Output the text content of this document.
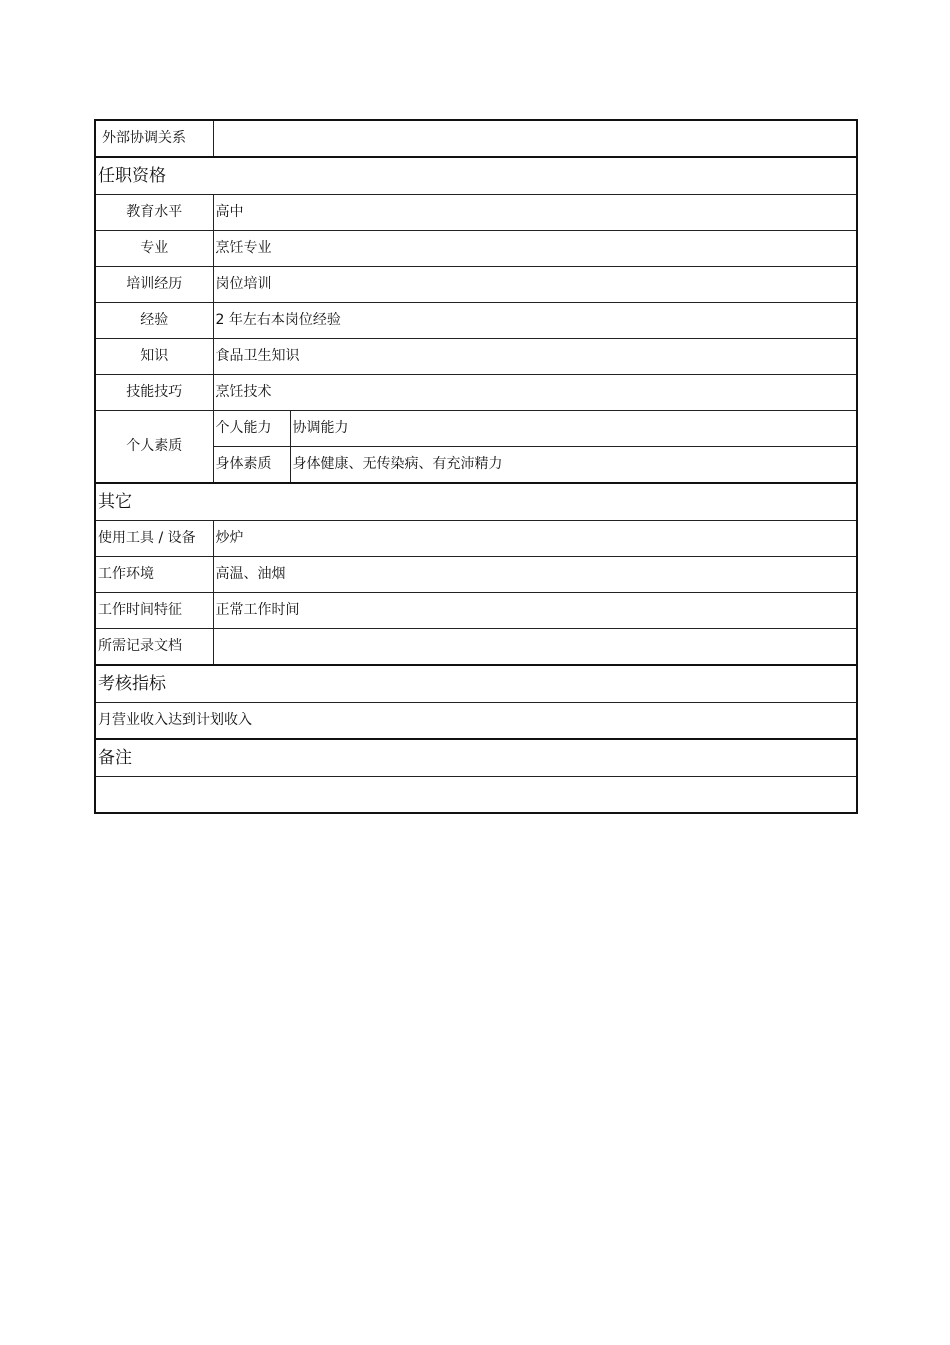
外部协调关系		
任职资格		
教育水平	高中	
专业	烹饪专业	
培训经历	岗位培训	
经验	2 年左右本岗位经验	
知识	食品卫生知识	
技能技巧	烹饪技术	
个人素质	个人能力	协调能力
	身体素质	身体健康、无传染病、有充沛精力
其它		
使用工具 / 设备	炒炉	
工作环境	高温、油烟	
工作时间特征	正常工作时间	
所需记录文档		
考核指标		
月营业收入达到计划收入		
备注		
